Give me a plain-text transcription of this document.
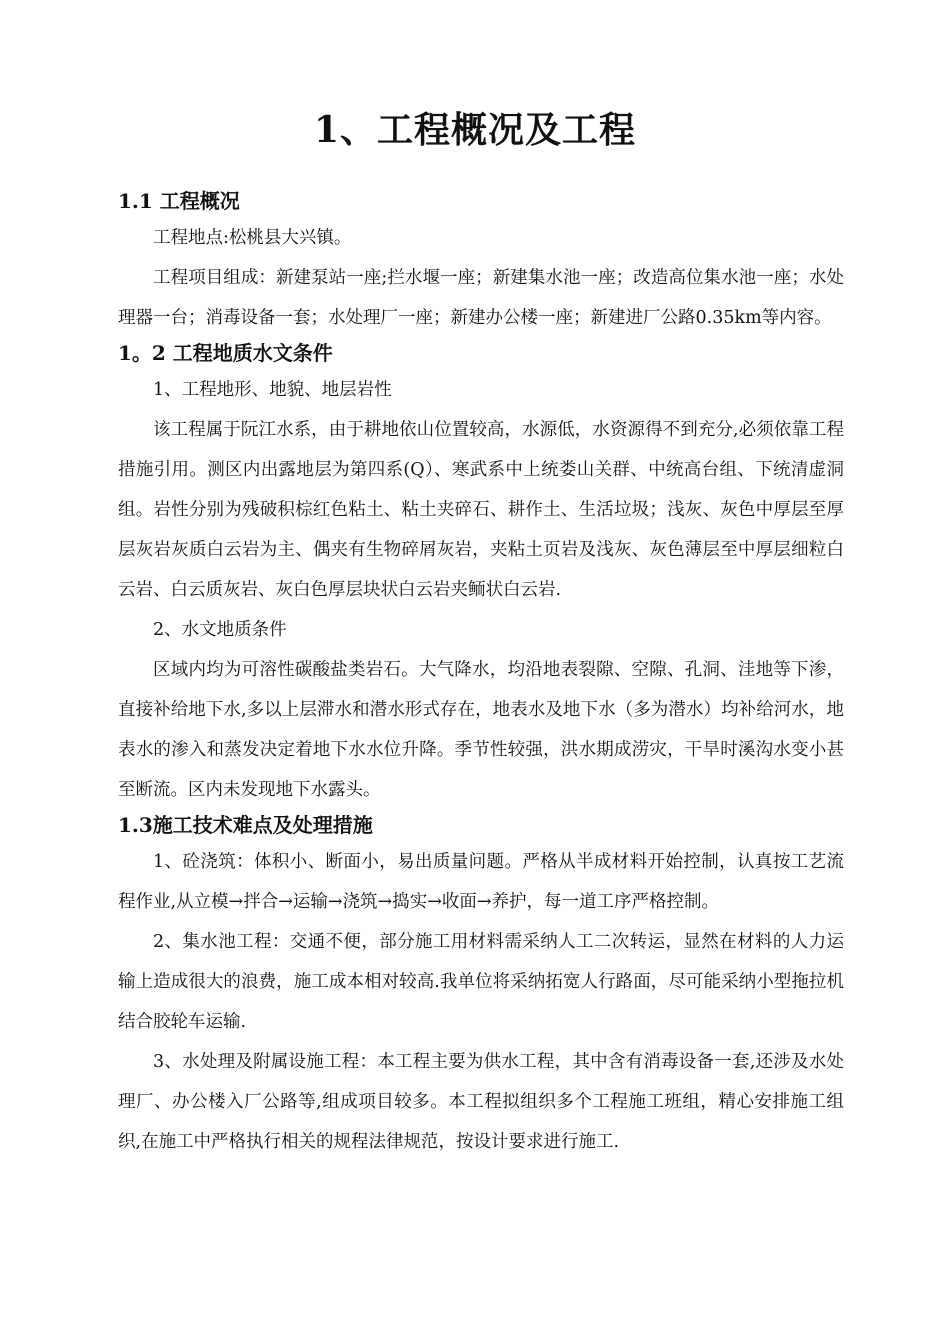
1、工程概况及工程
1.1 工程概况

工程地点:松桃县大兴镇。

工程项目组成：新建泵站一座;拦水堰一座；新建集水池一座；改造高位集水池一座；水处理器一台；消毒设备一套；水处理厂一座；新建办公楼一座；新建进厂公路0.35km等内容。

1。2 工程地质水文条件

1、工程地形、地貌、地层岩性

该工程属于阮江水系，由于耕地依山位置较高，水源低，水资源得不到充分,必须依靠工程措施引用。测区内出露地层为第四系(Q）、寒武系中上统娄山关群、中统高台组、下统清虚洞组。岩性分别为残破积棕红色粘土、粘土夹碎石、耕作土、生活垃圾；浅灰、灰色中厚层至厚层灰岩灰质白云岩为主、偶夹有生物碎屑灰岩，夹粘土页岩及浅灰、灰色薄层至中厚层细粒白云岩、白云质灰岩、灰白色厚层块状白云岩夹鲕状白云岩.

2、水文地质条件

区域内均为可溶性碳酸盐类岩石。大气降水，均沿地表裂隙、空隙、孔洞、洼地等下渗，直接补给地下水,多以上层滞水和潜水形式存在，地表水及地下水（多为潜水）均补给河水，地表水的渗入和蒸发决定着地下水水位升降。季节性较强，洪水期成涝灾，干旱时溪沟水变小甚至断流。区内未发现地下水露头。

1.3施工技术难点及处理措施

1、砼浇筑：体积小、断面小，易出质量问题。严格从半成材料开始控制，认真按工艺流程作业,从立模→拌合→运输→浇筑→捣实→收面→养护，每一道工序严格控制。

2、集水池工程：交通不便，部分施工用材料需采纳人工二次转运，显然在材料的人力运输上造成很大的浪费，施工成本相对较高.我单位将采纳拓宽人行路面，尽可能采纳小型拖拉机结合胶轮车运输.

3、水处理及附属设施工程：本工程主要为供水工程，其中含有消毒设备一套,还涉及水处理厂、办公楼入厂公路等,组成项目较多。本工程拟组织多个工程施工班组，精心安排施工组织,在施工中严格执行相关的规程法律规范，按设计要求进行施工.
